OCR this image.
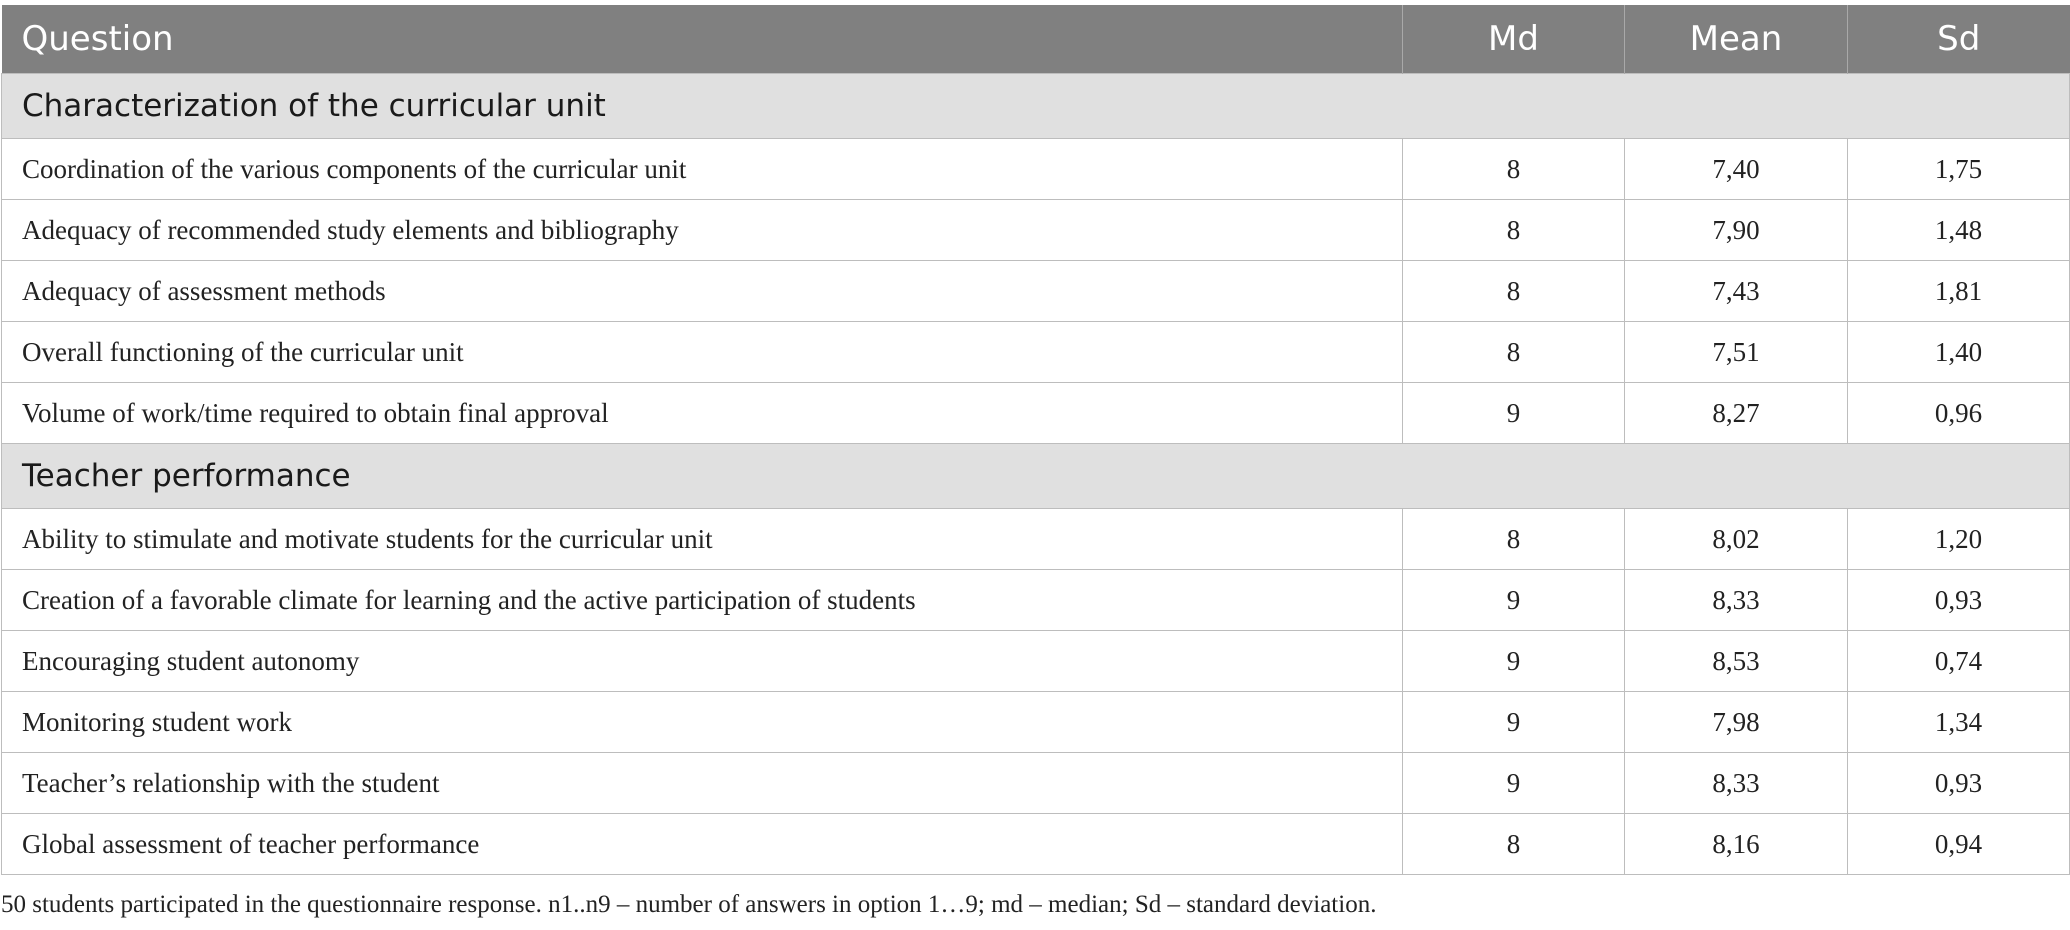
Question	Md	Mean	Sd
Characterization of the curricular unit			
Coordination of the various components of the curricular unit	8	7,40	1,75
Adequacy of recommended study elements and bibliography	8	7,90	1,48
Adequacy of assessment methods	8	7,43	1,81
Overall functioning of the curricular unit	8	7,51	1,40
Volume of work/time required to obtain final approval	9	8,27	0,96
Teacher performance			
Ability to stimulate and motivate students for the curricular unit	8	8,02	1,20
Creation of a favorable climate for learning and the active participation of students	9	8,33	0,93
Encouraging student autonomy	9	8,53	0,74
Monitoring student work	9	7,98	1,34
Teacher’s relationship with the student	9	8,33	0,93
Global assessment of teacher performance	8	8,16	0,94
50 students participated in the questionnaire response. n1..n9 – number of answers in option 1…9; md – median; Sd – standard deviation.
